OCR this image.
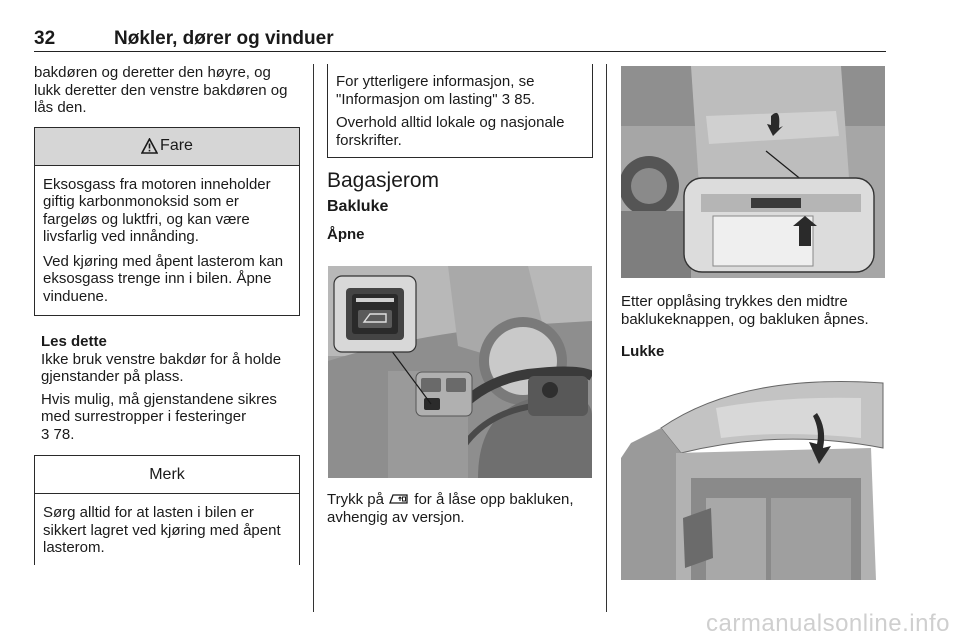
32	Nøkler, dører og vinduer

bakdøren og deretter den høyre, og lukk deretter den venstre bakdøren og lås den.

Fare

Eksosgass fra motoren inneholder giftig karbonmonoksid som er fargeløs og luktfri, og kan være livsfarlig ved innånding.

Ved kjøring med åpent lasterom kan eksosgass trenge inn i bilen. Åpne vinduene.

Les dette

Ikke bruk venstre bakdør for å holde gjenstander på plass.

Hvis mulig, må gjenstandene sikres med surrestropper i festeringer
3 78.

Merk

Sørg alltid for at lasten i bilen er sikkert lagret ved kjøring med åpent lasterom.

For ytterligere informasjon, se "Informasjon om lasting" 3 85.

Overhold alltid lokale og nasjonale forskrifter.

Bagasjerom
Bakluke
Åpne
Trykk på for å låse opp bakluken, avhengig av versjon.

Etter opplåsing trykkes den midtre baklukeknappen, og bakluken åpnes.

Lukke
carmanualsonline.info
